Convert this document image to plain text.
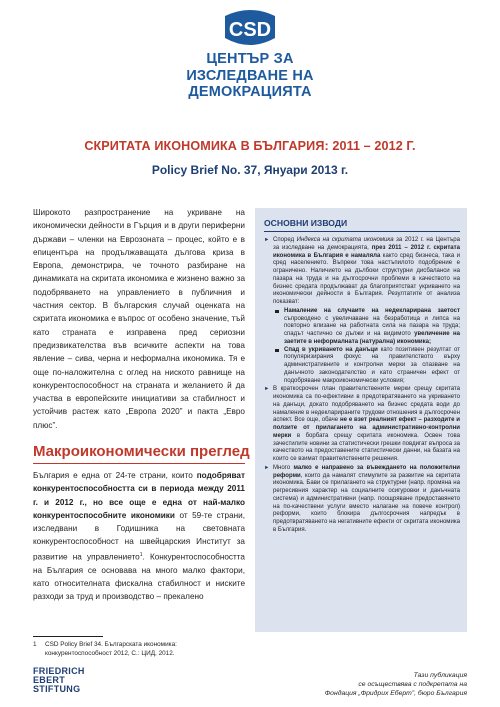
CSD
ЦЕНТЪР ЗА
ИЗСЛЕДВАНЕ НА
ДЕМОКРАЦИЯТА
СКРИТАТА ИКОНОМИКА В БЪЛГАРИЯ: 2011 – 2012 Г.
Policy Brief No. 37, Януари 2013 г.

Широкото разпространение на укриване на икономически дейности в Гърция и в други периферни държави – членки на Еврозоната – процес, който е в епицентъра на продължаващата дългова криза в Европа, демонстрира, че точното разбиране на динамиката на скритата икономика е жизнено важно за подобряването на управлението в публичния и частния сектор. В българския случай оценката на скритата икономика е въпрос от особено значение, тъй като страната е изправена пред сериозни предизвикателства във всичките аспекти на това явление – сива, черна и неформална икономика. Тя е още по-наложителна с оглед на ниското равнище на конкурентоспособност на страната и желанието й да участва в европейските инициативи за стабилност и устойчив растеж като „Европа 2020” и пакта „Евро плюс”.

Макроикономически преглед

България е една от 24-те страни, които подобряват конкурентоспособността си в периода между 2011 г. и 2012 г., но все още е една от най-малко конкурентоспособните икономики от 59-те страни, изследвани в Годишника на световната конкурентоспособност на швейцарския Институт за развитие на управлението$^1$. Конкурентоспособността на България се основава на много малко фактори, като относителната фискална стабилност и ниските разходи за труд и производство – прекалено

1 CSD Policy Brief 34. Българската икономика: конкурентоспособност 2012, С.: ЦИД, 2012.
ОСНОВНИ ИЗВОДИ

► Според Индекса на скритата икономика за 2012 г. на Центъра за изследване на демокрацията, през 2011 – 2012 г. скритата икономика в България е намаляла както сред бизнеса, така и сред населението. Въпреки това настъпилото подобрение е ограничено. Наличието на дълбоки структурни дисбаланси на пазара на труда и на дългосрочни проблеми в качеството на бизнес средата продължават да благоприятстват укриването на икономически дейности в България. Резултатите от анализа показват:

Намаление на случаите на недекларирана заетост съпроводено с увеличаване на безработица и липса на повторно влизане на работната сила на пазара на труда; спадът частично се дължи и на видимото увеличение на заетите в неформалната (натурална) икономика;

Спад в укриването на данъци като позитивен резултат от популяризирания фокус на правителството върху административните и контролни мерки за спазване на данъчното законодателство и като страничен ефект от подобряване макроикономически условия;

► В краткосрочен план правителствените мерки срещу скритата икономика са по-ефективни в предотвратяването на укриването на данъци, докато подобряването на бизнес средата води до намаление в недекларираните трудови отношения в дългосрочен аспект. Все още, обаче не е взет реалният ефект – разходите и ползите от прилагането на административно-контролни мерки в борбата срещу скритата икономика. Освен това зачестилите новини за статистически грешки повдигат въпроса за качеството на предоставените статистически данни, на базата на които се взимат правителствените решения.

► Много малко е направено за въвеждането на положителни реформи, които да намалят стимулите за развитие на скритата икономика. Бави се прилагането на структурни (напр. промяна на регресивния характер на социалните осигуровки и данъчната система) и административни (напр. поощряване предоставянето на по-качествени услуги вместо налагане на повече контрол) реформи, които блокира дългосрочния напредък в предотвратяването на негативните ефекти от скритата икономика в България.

FRIEDRICH
EBERT
STIFTUNG
Тази публикация
се осъществява с подкрепата на
Фондация „Фридрих Еберт”, бюро България
